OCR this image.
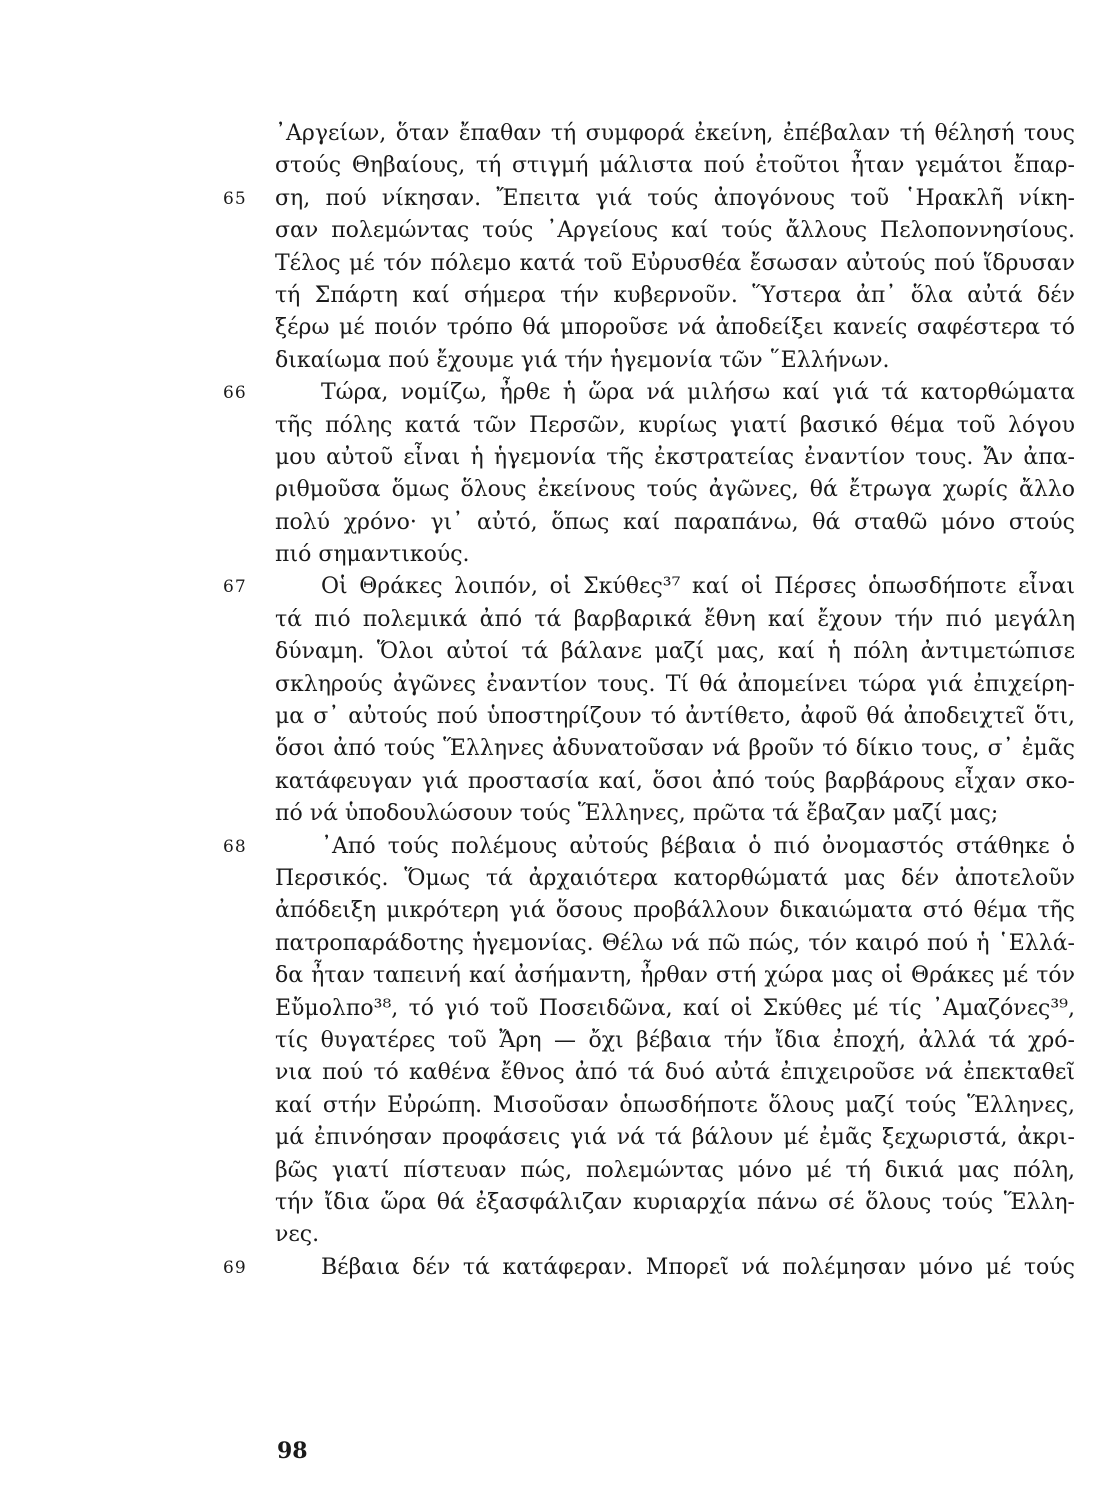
᾿Αργείων, ὅταν ἔπαθαν τή συμφορά ἐκείνη, ἐπέβαλαν τή θέλησή τους
στούς Θηβαίους, τή στιγμή μάλιστα πού ἐτοῦτοι ἦταν γεμάτοι ἔπαρ-
65 ση, πού νίκησαν. Ἔπειτα γιά τούς ἀπογόνους τοῦ ῾Ηρακλῆ νίκη-
σαν πολεμώντας τούς ᾿Αργείους καί τούς ἄλλους Πελοποννησίους.
Τέλος μέ τόν πόλεμο κατά τοῦ Εὐρυσθέα ἔσωσαν αὐτούς πού ἵδρυσαν
τή Σπάρτη καί σήμερα τήν κυβερνοῦν. Ὕστερα ἀπ᾿ ὅλα αὐτά δέν
ξέρω μέ ποιόν τρόπο θά μποροῦσε νά ἀποδείξει κανείς σαφέστερα τό
δικαίωμα πού ἔχουμε γιά τήν ἡγεμονία τῶν ῞Ελλήνων.
66	Τώρα, νομίζω, ἦρθε ἡ ὥρα νά μιλήσω καί γιά τά κατορθώματα
τῆς πόλης κατά τῶν Περσῶν, κυρίως γιατί βασικό θέμα τοῦ λόγου
μου αὐτοῦ εἶναι ἡ ἡγεμονία τῆς ἐκστρατείας ἐναντίον τους. Ἄν ἀπα-
ριθμοῦσα ὅμως ὅλους ἐκείνους τούς ἀγῶνες, θά ἔτρωγα χωρίς ἄλλο
πολύ χρόνο· γι᾿ αὐτό, ὅπως καί παραπάνω, θά σταθῶ μόνο στούς
πιό σημαντικούς.
67	Οἱ Θράκες λοιπόν, οἱ Σκύθες³⁷ καί οἱ Πέρσες ὁπωσδήποτε εἶναι
τά πιό πολεμικά ἀπό τά βαρβαρικά ἔθνη καί ἔχουν τήν πιό μεγάλη
δύναμη. Ὅλοι αὐτοί τά βάλανε μαζί μας, καί ἡ πόλη ἀντιμετώπισε
σκληρούς ἀγῶνες ἐναντίον τους. Τί θά ἀπομείνει τώρα γιά ἐπιχείρη-
μα σ᾿ αὐτούς πού ὑποστηρίζουν τό ἀντίθετο, ἀφοῦ θά ἀποδειχτεῖ ὅτι,
ὅσοι ἀπό τούς Ἕλληνες ἀδυνατοῦσαν νά βροῦν τό δίκιο τους, σ᾿ ἐμᾶς
κατάφευγαν γιά προστασία καί, ὅσοι ἀπό τούς βαρβάρους εἶχαν σκο-
πό νά ὑποδουλώσουν τούς Ἕλληνες, πρῶτα τά ἔβαζαν μαζί μας;
68	᾿Από τούς πολέμους αὐτούς βέβαια ὁ πιό ὀνομαστός στάθηκε ὁ
Περσικός. Ὅμως τά ἀρχαιότερα κατορθώματά μας δέν ἀποτελοῦν
ἀπόδειξη μικρότερη γιά ὅσους προβάλλουν δικαιώματα στό θέμα τῆς
πατροπαράδοτης ἡγεμονίας. Θέλω νά πῶ πώς, τόν καιρό πού ἡ ῾Ελλά-
δα ἦταν ταπεινή καί ἀσήμαντη, ἦρθαν στή χώρα μας οἱ Θράκες μέ τόν
Εὔμολπο³⁸, τό γιό τοῦ Ποσειδῶνα, καί οἱ Σκύθες μέ τίς ᾿Αμαζόνες³⁹,
τίς θυγατέρες τοῦ Ἄρη — ὄχι βέβαια τήν ἴδια ἐποχή, ἀλλά τά χρό-
νια πού τό καθένα ἔθνος ἀπό τά δυό αὐτά ἐπιχειροῦσε νά ἐπεκταθεῖ
καί στήν Εὐρώπη. Μισοῦσαν ὁπωσδήποτε ὅλους μαζί τούς Ἕλληνες,
μά ἐπινόησαν προφάσεις γιά νά τά βάλουν μέ ἐμᾶς ξεχωριστά, ἀκρι-
βῶς γιατί πίστευαν πώς, πολεμώντας μόνο μέ τή δικιά μας πόλη,
τήν ἴδια ὥρα θά ἐξασφάλιζαν κυριαρχία πάνω σέ ὅλους τούς Ἕλλη-
νες.
69	Βέβαια δέν τά κατάφεραν. Μπορεῖ νά πολέμησαν μόνο μέ τούς
98
